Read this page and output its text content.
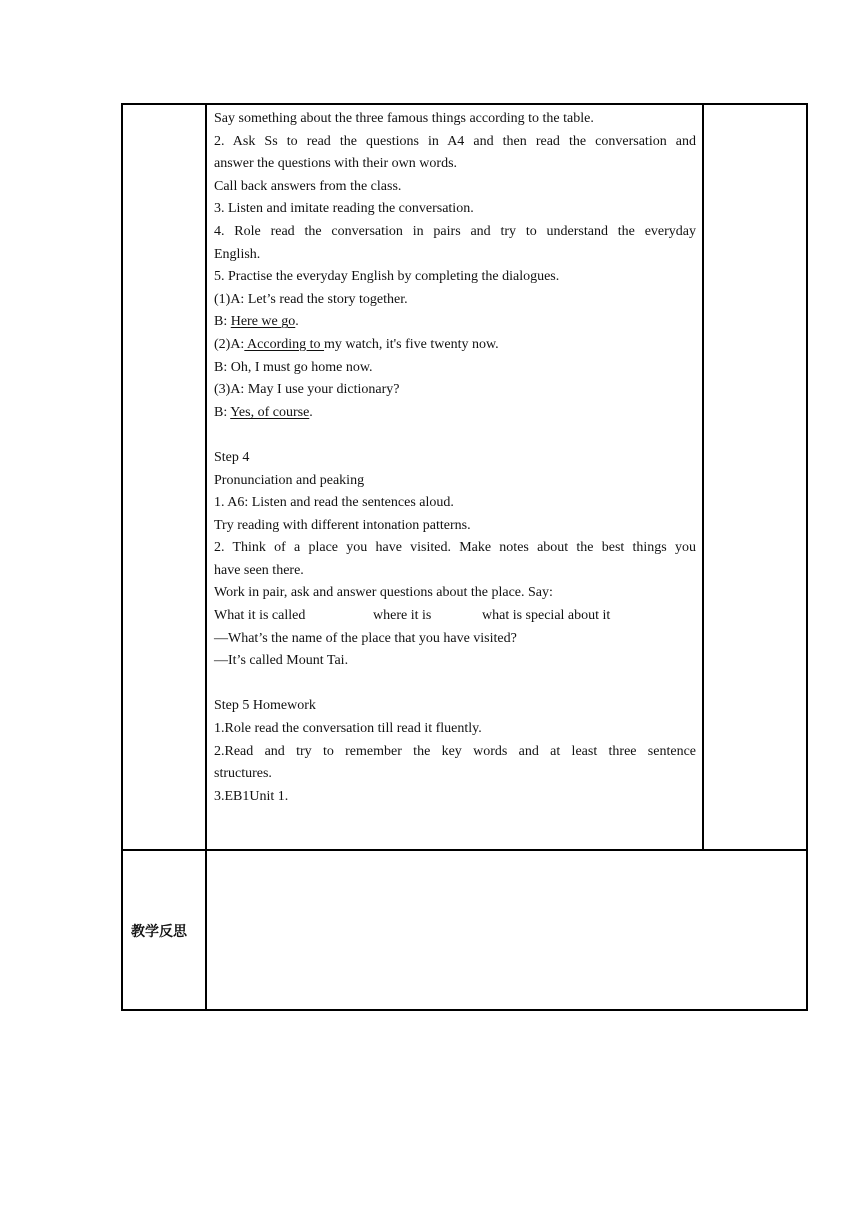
Say something about the three famous things according to the table.
2. Ask Ss to read the questions in A4 and then read the conversation and
answer the questions with their own words.
Call back answers from the class.
3. Listen and imitate reading the conversation.
4. Role read the conversation in pairs and try to understand the everyday
English.
5. Practise the everyday English by completing the dialogues.
(1)A: Let’s read the story together.
B: Here we go.
(2)A: According to my watch, it's five twenty now.
B: Oh, I must go home now.
(3)A: May I use your dictionary?
B: Yes, of course.
Step 4
Pronunciation and peaking
1. A6: Listen and read the sentences aloud.
Try reading with different intonation patterns.
2. Think of a place you have visited. Make notes about the best things you
have seen there.
Work in pair, ask and answer questions about the place. Say:
What it is called	where it is	what is special about it
—What’s the name of the place that you have visited?
—It’s called Mount Tai.
Step 5 Homework
1.Role read the conversation till read it fluently.
2.Read and try to remember the key words and at least three sentence
structures.
3.EB1Unit 1.
教学反思
